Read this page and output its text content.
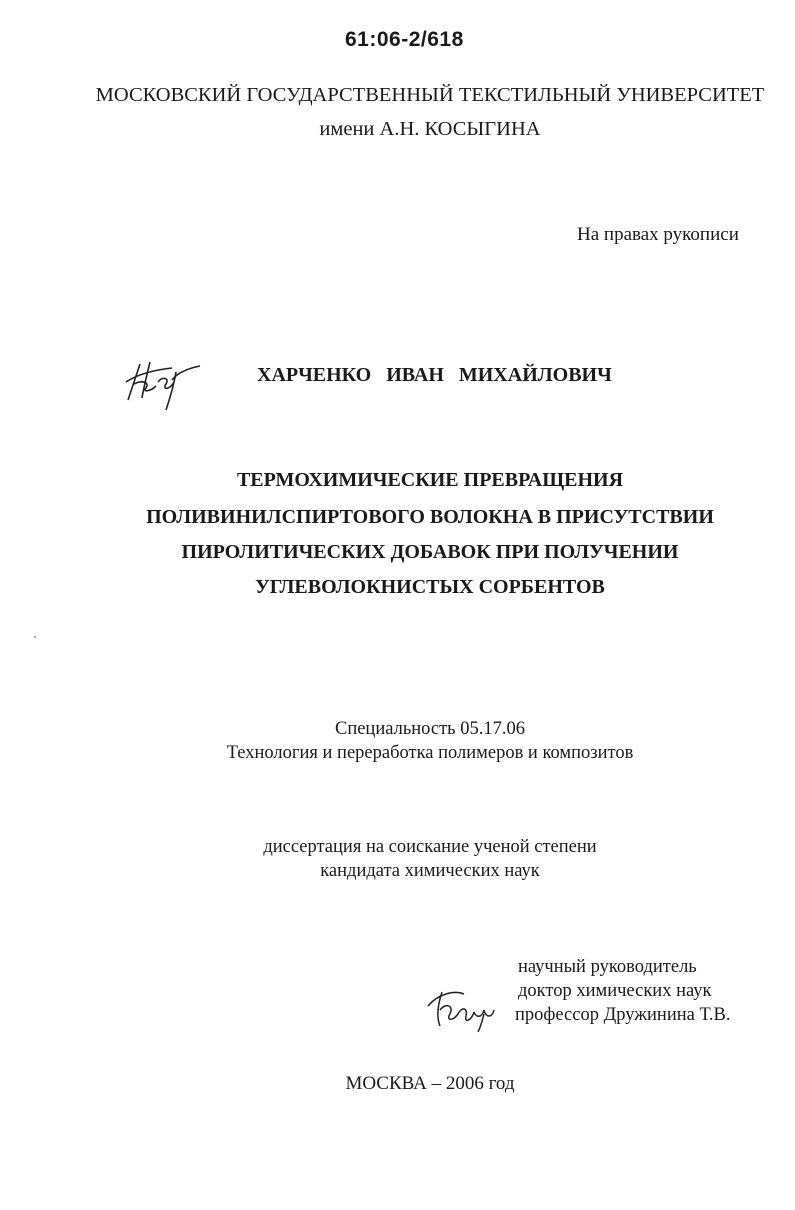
61:06-2/618
МОСКОВСКИЙ ГОСУДАРСТВЕННЫЙ ТЕКСТИЛЬНЫЙ УНИВЕРСИТЕТ
имени А.Н. КОСЫГИНА
На правах рукописи
ХАРЧЕНКО ИВАН МИХАЙЛОВИЧ
ТЕРМОХИМИЧЕСКИЕ ПРЕВРАЩЕНИЯ
ПОЛИВИНИЛСПИРТОВОГО ВОЛОКНА В ПРИСУТСТВИИ
ПИРОЛИТИЧЕСКИХ ДОБАВОК ПРИ ПОЛУЧЕНИИ
УГЛЕВОЛОКНИСТЫХ СОРБЕНТОВ
Специальность 05.17.06
Технология и переработка полимеров и композитов
диссертация на соискание ученой степени
кандидата химических наук
научный руководитель
доктор химических наук
профессор Дружинина Т.В.
МОСКВА – 2006 год
